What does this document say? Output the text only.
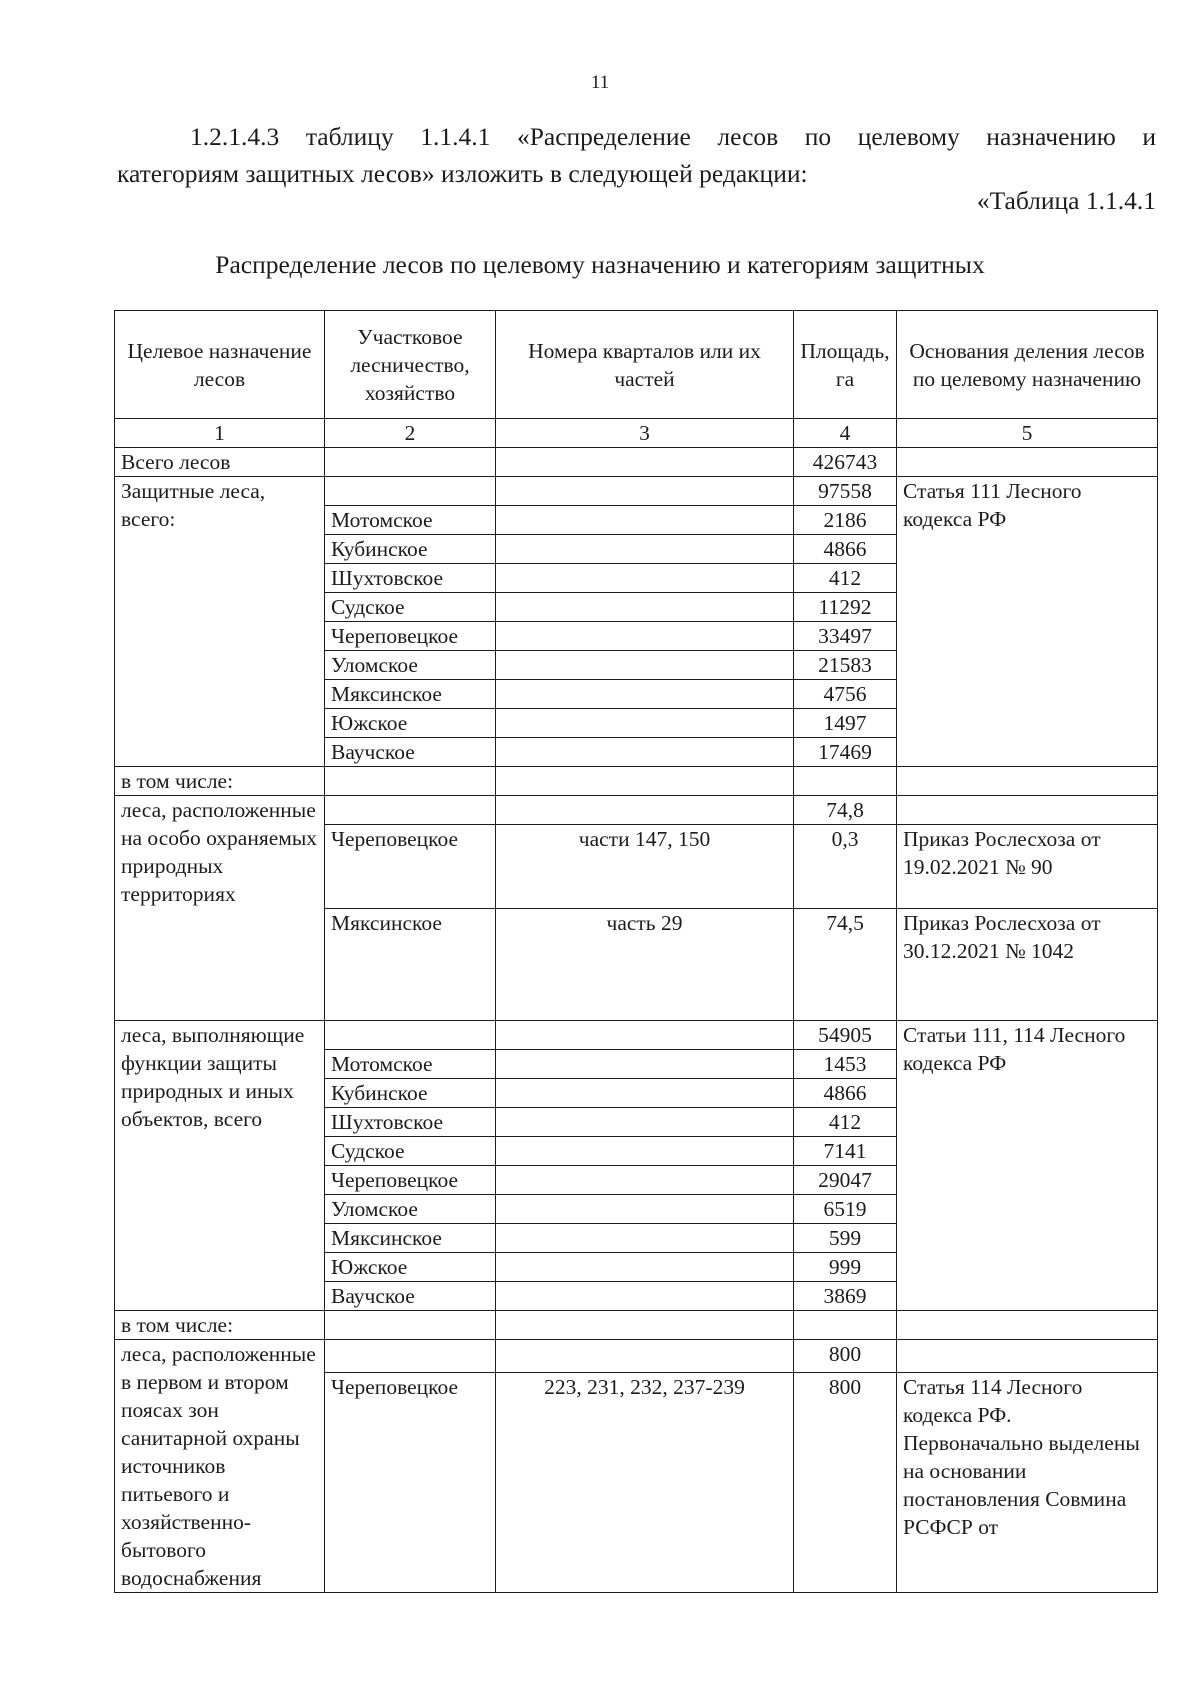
11

1.2.1.4.3 таблицу 1.1.4.1 «Распределение лесов по целевому назначению и
категориям защитных лесов» изложить в следующей редакции:

«Таблица 1.1.4.1
Распределение лесов по целевому назначению и категориям защитных
Целевое назначение лесов	Участковое лесничество, хозяйство	Номера кварталов или их частей	Площадь, га	Основания деления лесов по целевому назначению
1	2	3	4	5
Всего лесов			426743	
Защитные леса, всего:			97558	Статья 111 Лесного кодекса РФ
	Мотомское		2186	
	Кубинское		4866	
	Шухтовское		412	
	Судское		11292	
	Череповецкое		33497	
	Уломское		21583	
	Мяксинское		4756	
	Южское		1497	
	Ваучское		17469	
в том числе:				
леса, расположенные на особо охраняемых природных территориях			74,8	
	Череповецкое	части 147, 150	0,3	Приказ Рослесхоза от 19.02.2021 № 90
	Мяксинское	часть 29	74,5	Приказ Рослесхоза от 30.12.2021 № 1042
леса, выполняющие функции защиты природных и иных объектов, всего			54905	Статьи 111, 114 Лесного кодекса РФ
	Мотомское		1453	
	Кубинское		4866	
	Шухтовское		412	
	Судское		7141	
	Череповецкое		29047	
	Уломское		6519	
	Мяксинское		599	
	Южское		999	
	Ваучское		3869	
в том числе:				
леса, расположенные в первом и втором поясах зон санитарной охраны источников питьевого и хозяйственно-бытового водоснабжения			800	
	Череповецкое	223, 231, 232, 237-239	800	Статья 114 Лесного кодекса РФ. Первоначально выделены на основании постановления Совмина РСФСР от
